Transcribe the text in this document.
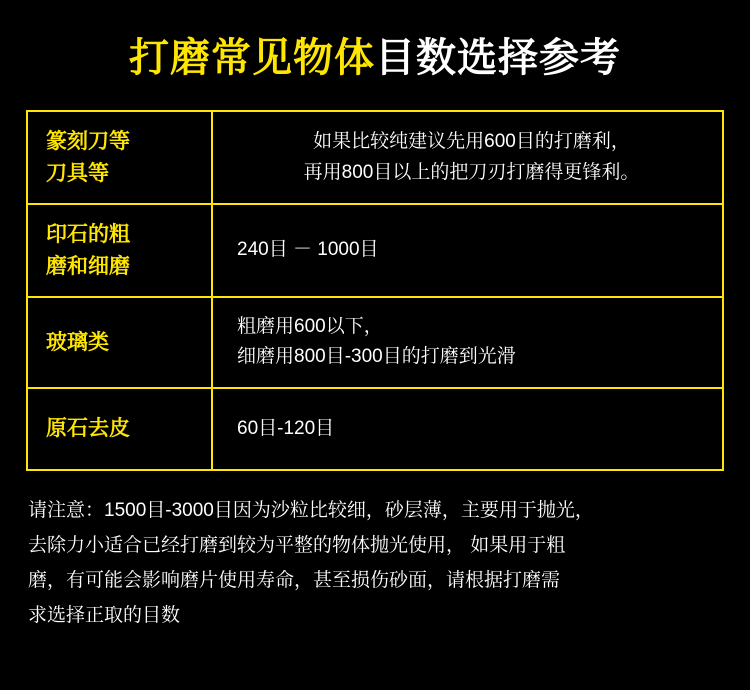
打磨常见物体目数选择参考
篆刻刀等
刀具等
如果比较纯建议先用600目的打磨利，
再用800目以上的把刀刃打磨得更锋利。
印石的粗
磨和细磨
240目 － 1000目
玻璃类
粗磨用600以下，
细磨用800目-300目的打磨到光滑
原石去皮	60目-120目
请注意：1500目-3000目因为沙粒比较细，砂层薄，主要用于抛光，
去除力小适合已经打磨到较为平整的物体抛光使用， 如果用于粗
磨，有可能会影响磨片使用寿命，甚至损伤砂面，请根据打磨需
求选择正取的目数
